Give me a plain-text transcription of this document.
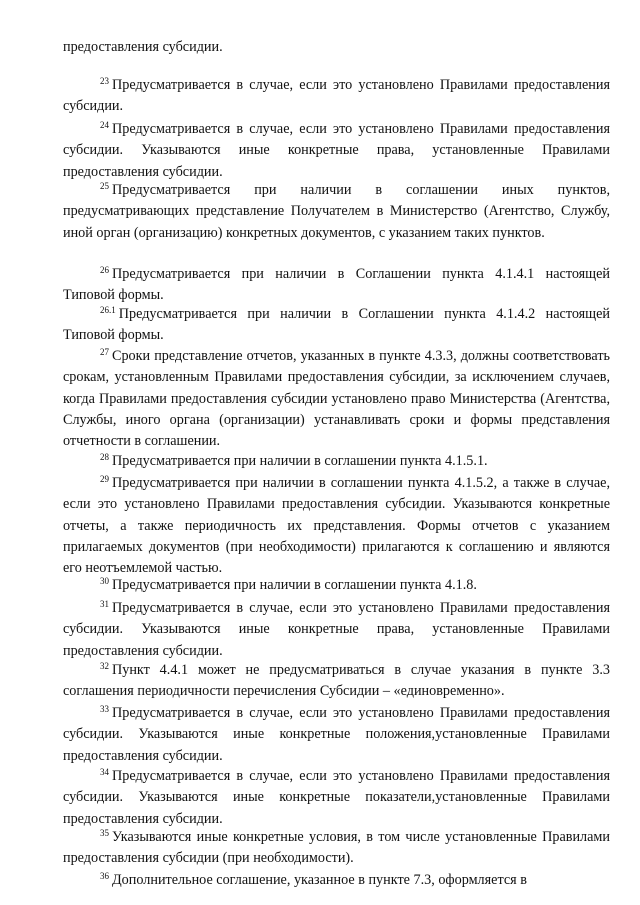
предоставления субсидии.
$^{23}$ Предусматривается в случае, если это установлено Правилами предоставления субсидии.
$^{24}$ Предусматривается в случае, если это установлено Правилами предоставления субсидии. Указываются иные конкретные права, установленные Правилами предоставления субсидии.
$^{25}$ Предусматривается при наличии в соглашении иных пунктов, предусматривающих представление Получателем в Министерство (Агентство, Службу, иной орган (организацию) конкретных документов, с указанием таких пунктов.
$^{26}$ Предусматривается при наличии в Соглашении пункта 4.1.4.1 настоящей Типовой формы.
$^{26.1}$ Предусматривается при наличии в Соглашении пункта 4.1.4.2 настоящей Типовой формы.
$^{27}$ Сроки представление отчетов, указанных в пункте 4.3.3, должны соответствовать срокам, установленным Правилами предоставления субсидии, за исключением случаев, когда Правилами предоставления субсидии установлено право Министерства (Агентства, Службы, иного органа (организации) устанавливать сроки и формы представления отчетности в соглашении.
$^{28}$ Предусматривается при наличии в соглашении пункта 4.1.5.1.
$^{29}$ Предусматривается при наличии в соглашении пункта 4.1.5.2, а также в случае, если это установлено Правилами предоставления субсидии. Указываются конкретные отчеты, а также периодичность их представления. Формы отчетов с указанием прилагаемых документов (при необходимости) прилагаются к соглашению и являются его неотъемлемой частью.
$^{30}$ Предусматривается при наличии в соглашении пункта 4.1.8.
$^{31}$ Предусматривается в случае, если это установлено Правилами предоставления субсидии. Указываются иные конкретные права, установленные Правилами предоставления субсидии.
$^{32}$ Пункт 4.4.1 может не предусматриваться в случае указания в пункте 3.3 соглашения периодичности перечисления Субсидии – «единовременно».
$^{33}$ Предусматривается в случае, если это установлено Правилами предоставления субсидии. Указываются иные конкретные положения,установленные Правилами предоставления субсидии.
$^{34}$ Предусматривается в случае, если это установлено Правилами предоставления субсидии. Указываются иные конкретные показатели,установленные Правилами предоставления субсидии.
$^{35}$ Указываются иные конкретные условия, в том числе установленные Правилами предоставления субсидии (при необходимости).
$^{36}$ Дополнительное соглашение, указанное в пункте 7.3, оформляется в
